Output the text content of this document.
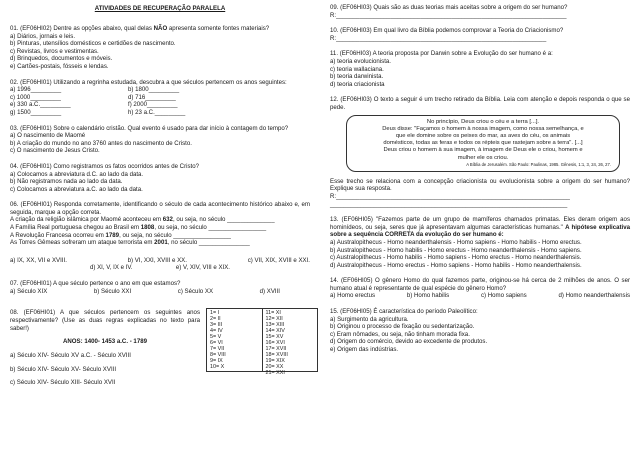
ATIVIDADES DE RECUPERAÇÃO PARALELA

01. (EF06HI02) Dentre as opções abaixo, qual delas NÃO apresenta somente fontes materiais?

a) Diários, jornais e leis.

b) Pinturas, utensílios domésticos e certidões de nascimento.

c) Revistas, livros e vestimentas.

d) Brinquedos, documentos e móveis.

e) Cartões-postais, fósseis e lendas.

02. (EF06HI01) Utilizando a regrinha estudada, descubra a que séculos pertencem os anos seguintes:

a) 1996_________	b) 1800_________
c) 1000_________	d) 716_________
e) 330 a.C._________	f) 2000_________
g) 1500_________	h) 23 a.C._________

03. (EF06HI01) Sobre o calendário cristão. Qual evento é usado para dar início à contagem do tempo?

a) O nascimento de Maomé

b) A criação do mundo no ano 3760 antes do nascimento de Cristo.

c) O nascimento de Jesus Cristo.

04. (EF06HI01) Como registramos os fatos ocorridos antes de Cristo?

a) Colocamos a abreviatura d.C. ao lado da data.

b) Não registramos nada ao lado da data.

c) Colocamos a abreviatura a.C. ao lado da data.

06. (EF06HI01) Responda corretamente, identificando o século de cada acontecimento histórico abaixo e, em seguida, marque a opção correta.

A criação da religião islâmica por Maomé aconteceu em 632, ou seja, no século ______________

A Família Real portuguesa chegou ao Brasil em 1808, ou seja, no século _________________

A Revolução Francesa ocorreu em 1789, ou seja, no século _________________

As Torres Gêmeas sofreram um ataque terrorista em 2001, no século _______________

a) IX, XX, VII e XVIII.	b) VI, XXI, XVIII e XX.	c) VII, XIX, XVIII e XXI.
d) XI, V, IX e IV.	e) V, XIV, VIII e XIX.

07. (EF06HI01) A que século pertence o ano em que estamos?

a) Século XIX	b) Século XXI	c) Século XX	d) XVIII

08. (EF06HI01) A que séculos pertencem os seguintes anos respectivamente? (Use as duas regras explicadas no texto para saber!)

ANOS: 1400- 1453 a.C. - 1789

a) Século XIV- Século XV a.C. - Século XVIII

b) Século XIV- Século XV- Século XVIII

c) Século XIV- Século XIII- Século XVII

1= I
2= II
3= III
4= IV
5= V
6= VI
7= VII
8= VIII
9= IX
10= X
11= XI
12= XII
13= XIII
14= XIV
15= XV
16= XVI
17= XVII
18= XVIII
19= XIX
20= XX
21= XXI

09. (EF06HI03) Quais são as duas teorias mais aceitas sobre a origem do ser humano?

R:____________________________________________________________________

10. (EF06HI03) Em qual livro da Bíblia podemos comprovar a Teoria do Criacionismo?

R:______________________________________________________________

11. (EF06HI03) A teoria proposta por Darwin sobre a Evolução do ser humano é a:

a) teoria evolucionista.

c) teoria wallaciana.

b) teoria darwinista.

d) teoria criacionista

12. (EF06HI03) O texto a seguir é um trecho retirado da Bíblia. Leia com atenção e depois responda o que se pede.

No princípio, Deus criou o céu e a terra [...].
Deus disse: "Façamos o homem à nossa imagem, como nossa semelhança, e
que ele domine sobre os peixes do mar, as aves do céu, os animais
domésticos, todas as feras e todos os répteis que rastejam sobre a terra". [...]
Deus criou o homem à sua imagem, à imagem de Deus ele o criou, homem e
mulher ele os criou.
A Bíblia de Jerusalém. São Paulo: Paulinas, 1985. Gênesis, 1:1, 3, 24, 26, 27.

Esse trecho se relaciona com a concepção criacionista ou evolucionista sobre a origem do ser humano? Explique sua resposta.

R:_____________________________________________________________________

______________________________________________________________________

13. (EF06HI05) "Fazemos parte de um grupo de mamíferos chamados primatas. Eles deram origem aos hominídeos, ou seja, seres que já apresentavam algumas características humanas." A hipótese explicativa sobre a sequência CORRETA da evolução do ser humano é:

a) Australopithecus - Homo neanderthalensis - Homo sapiens - Homo habilis - Homo erectus.

b) Australopithecus - Homo habilis - Homo erectus - Homo neanderthalensis - Homo sapiens.

c) Australopithecus - Homo habilis - Homo sapiens - Homo erectus - Homo neanderthalensis.

d) Australopithecus - Homo erectus - Homo sapiens - Homo habilis - Homo neanderthalensis.

14. (EF06HI05) O gênero Homo do qual fazemos parte, originou-se há cerca de 2 milhões de anos. O ser humano atual é representante de qual espécie do gênero Homo?

a) Homo erectus	b) Homo habilis	c) Homo sapiens	d) Homo neanderthalensis

15. (EF06HI05) É característica do período Paleolítico:

a) Surgimento da agricultura.

b) Originou o processo de fixação ou sedentarização.

c) Eram nômades, ou seja, não tinham morada fixa.

d) Origem do comércio, devido ao excedente de produtos.

e) Origem das indústrias.
